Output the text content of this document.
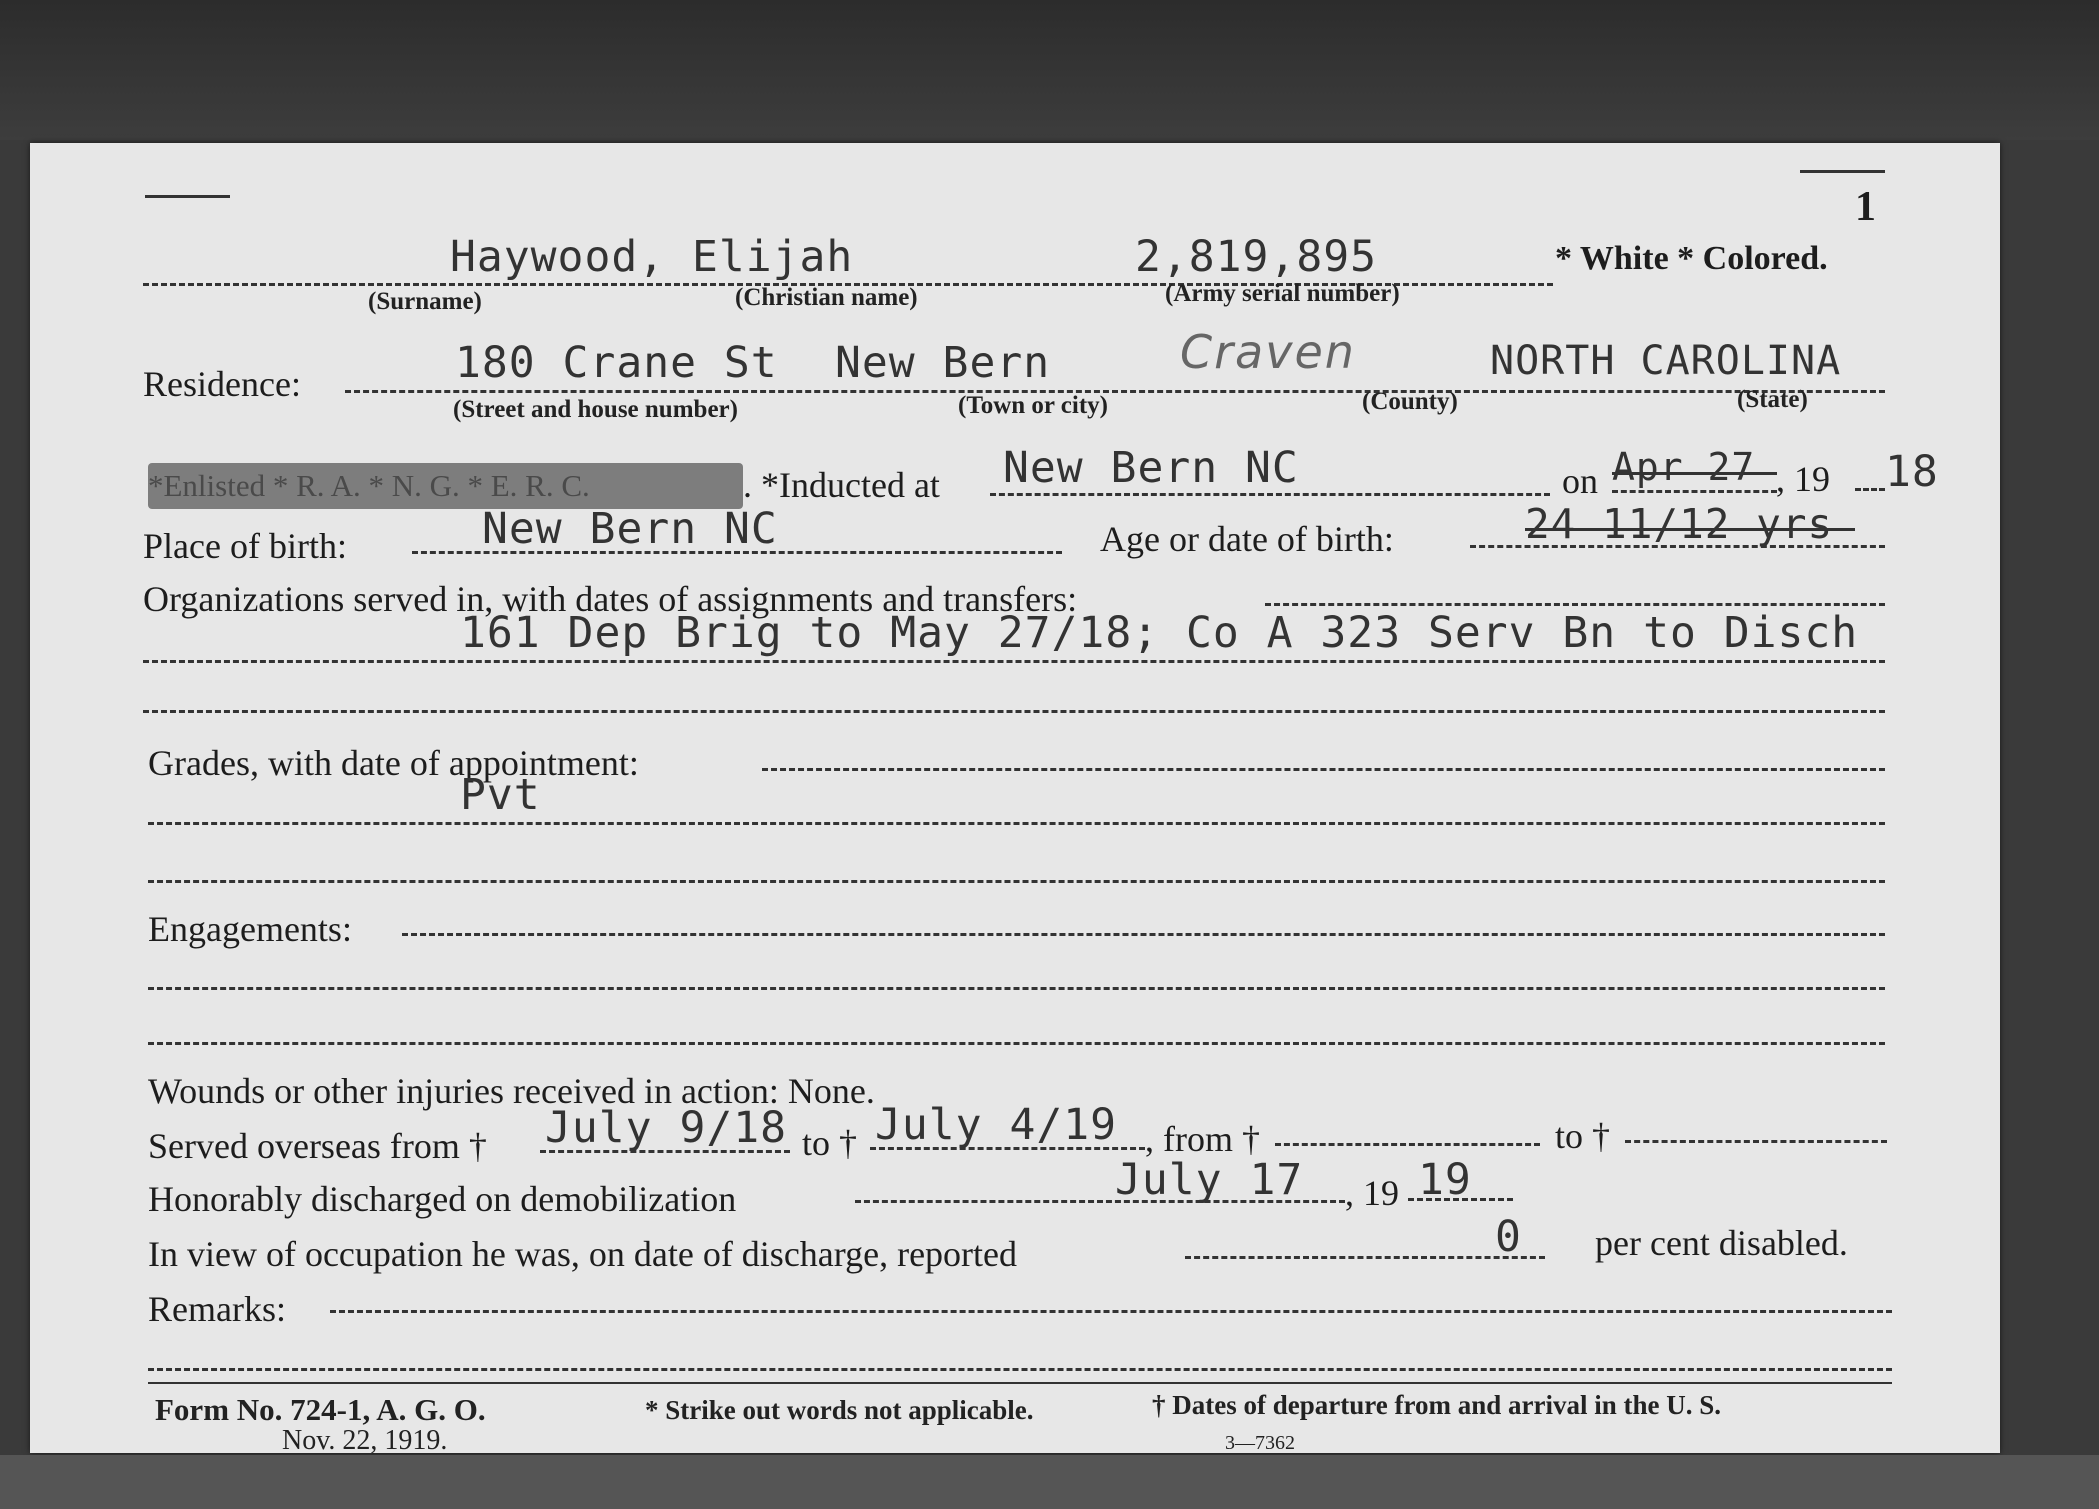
1
Haywood, Elijah	2,819,895	* White * Colored.
(Surname)	(Christian name)	(Army serial number)
Residence:	180 Crane St New Bern	Craven	NORTH CAROLINA
(Street and house number)	(Town or city)	(County)	(State)
*Enlisted * R. A. * N. G. * E. R. C.	. *Inducted at New Bern NC	on Apr 27 , 19 18
Place of birth:	New Bern NC	Age or date of birth:	24 11/12 yrs
Organizations served in, with dates of assignments and transfers:
161 Dep Brig to May 27/18; Co A 323 Serv Bn to Disch
Grades, with date of appointment:
Pvt
Engagements:
Wounds or other injuries received in action: None.
Served overseas from † July 9/18 to † July 4/19 , from †	to †
Honorably discharged on demobilization	July 17 , 19 19
In view of occupation he was, on date of discharge, reported	0 per cent disabled.
Remarks:
Form No. 724-1, A. G. O.
Nov. 22, 1919.
* Strike out words not applicable.	† Dates of departure from and arrival in the U. S.
3—7362
